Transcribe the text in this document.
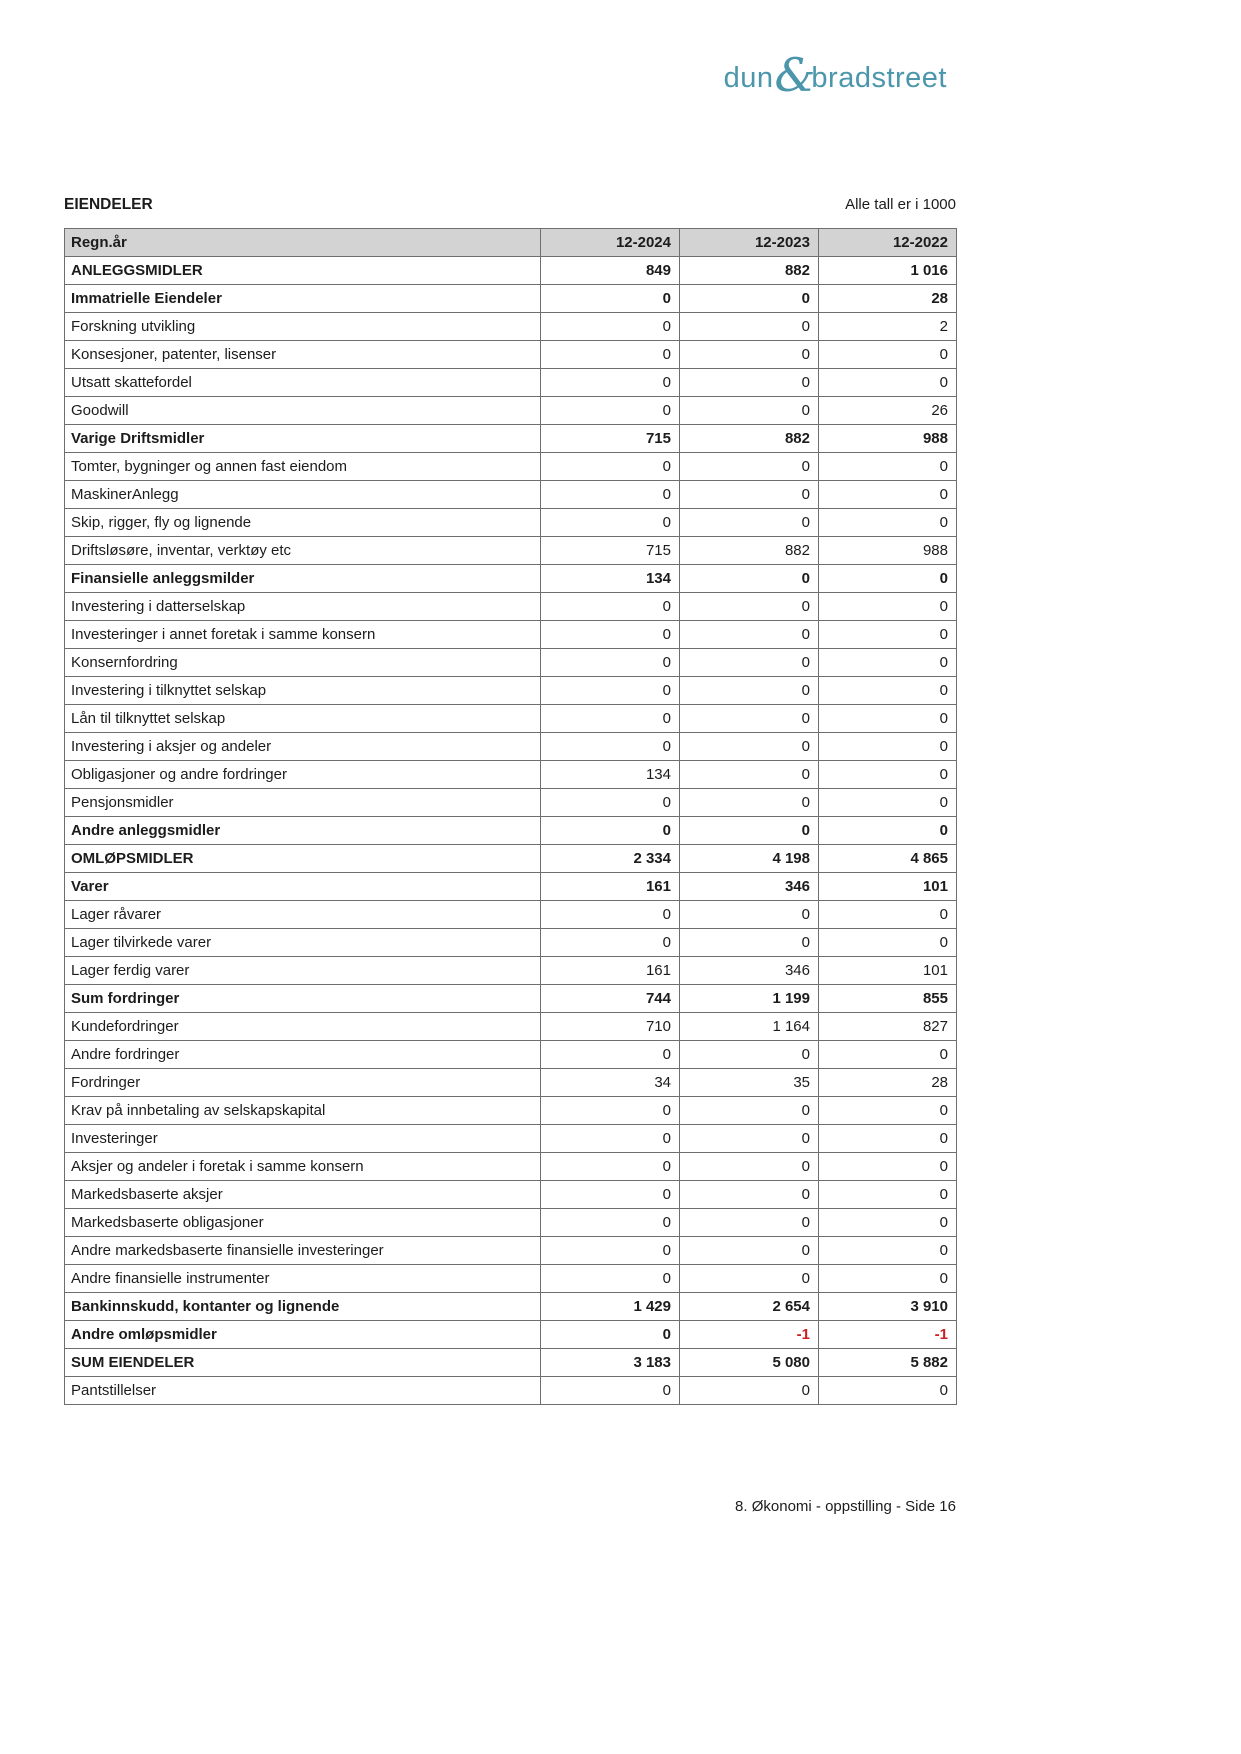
dun &
bradstreet
EIENDELER	Alle tall er i 1000
Regn.år	12-2024	12-2023	12-2022
ANLEGGSMIDLER	849	882	1 016
Immatrielle Eiendeler	0	0	28
Forskning utvikling	0	0	2
Konsesjoner, patenter, lisenser	0	0	0
Utsatt skattefordel	0	0	0
Goodwill	0	0	26
Varige Driftsmidler	715	882	988
Tomter, bygninger og annen fast eiendom	0	0	0
MaskinerAnlegg	0	0	0
Skip, rigger, fly og lignende	0	0	0
Driftsløsøre, inventar, verktøy etc	715	882	988
Finansielle anleggsmilder	134	0	0
Investering i datterselskap	0	0	0
Investeringer i annet foretak i samme konsern	0	0	0
Konsernfordring	0	0	0
Investering i tilknyttet selskap	0	0	0
Lån til tilknyttet selskap	0	0	0
Investering i aksjer og andeler	0	0	0
Obligasjoner og andre fordringer	134	0	0
Pensjonsmidler	0	0	0
Andre anleggsmidler	0	0	0
OMLØPSMIDLER	2 334	4 198	4 865
Varer	161	346	101
Lager råvarer	0	0	0
Lager tilvirkede varer	0	0	0
Lager ferdig varer	161	346	101
Sum fordringer	744	1 199	855
Kundefordringer	710	1 164	827
Andre fordringer	0	0	0
Fordringer	34	35	28
Krav på innbetaling av selskapskapital	0	0	0
Investeringer	0	0	0
Aksjer og andeler i foretak i samme konsern	0	0	0
Markedsbaserte aksjer	0	0	0
Markedsbaserte obligasjoner	0	0	0
Andre markedsbaserte finansielle investeringer	0	0	0
Andre finansielle instrumenter	0	0	0
Bankinnskudd, kontanter og lignende	1 429	2 654	3 910
Andre omløpsmidler	0	-1	-1
SUM EIENDELER	3 183	5 080	5 882
Pantstillelser	0	0	0
8. Økonomi - oppstilling - Side 16
